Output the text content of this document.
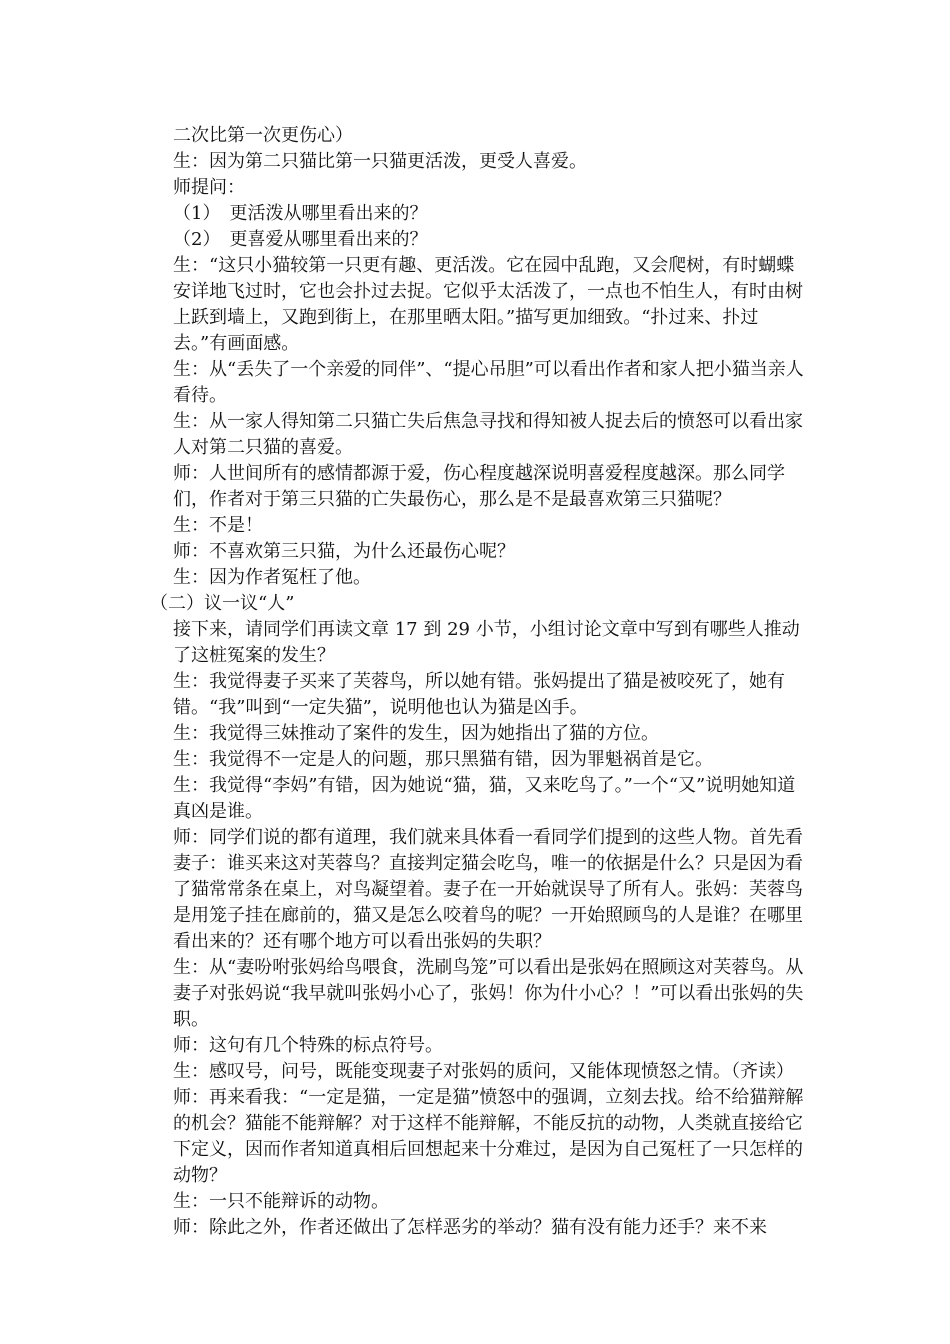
二次比第一次更伤心）

生：因为第二只猫比第一只猫更活泼，更受人喜爱。

师提问：

（1）　更活泼从哪里看出来的？

（2）　更喜爱从哪里看出来的？

生：“这只小猫较第一只更有趣、更活泼。它在园中乱跑，又会爬树，有时蝴蝶安详地飞过时，它也会扑过去捉。它似乎太活泼了，一点也不怕生人，有时由树上跃到墙上，又跑到街上，在那里晒太阳。”描写更加细致。“扑过来、扑过去。”有画面感。

生：从“丢失了一个亲爱的同伴”、“提心吊胆”可以看出作者和家人把小猫当亲人看待。

生：从一家人得知第二只猫亡失后焦急寻找和得知被人捉去后的愤怒可以看出家人对第二只猫的喜爱。

师：人世间所有的感情都源于爱，伤心程度越深说明喜爱程度越深。那么同学们，作者对于第三只猫的亡失最伤心，那么是不是最喜欢第三只猫呢？

生：不是！

师：不喜欢第三只猫，为什么还最伤心呢？

生：因为作者冤枉了他。

（二）议一议“人”

接下来，请同学们再读文章 17 到 29 小节，小组讨论文章中写到有哪些人推动了这桩冤案的发生？

生：我觉得妻子买来了芙蓉鸟，所以她有错。张妈提出了猫是被咬死了，她有错。“我”叫到“一定失猫”，说明他也认为猫是凶手。

生：我觉得三妹推动了案件的发生，因为她指出了猫的方位。

生：我觉得不一定是人的问题，那只黑猫有错，因为罪魁祸首是它。

生：我觉得“李妈”有错，因为她说“猫，猫，又来吃鸟了。”一个“又”说明她知道真凶是谁。

师：同学们说的都有道理，我们就来具体看一看同学们提到的这些人物。首先看妻子：谁买来这对芙蓉鸟？直接判定猫会吃鸟，唯一的依据是什么？只是因为看了猫常常条在桌上，对鸟凝望着。妻子在一开始就误导了所有人。张妈：芙蓉鸟是用笼子挂在廊前的，猫又是怎么咬着鸟的呢？一开始照顾鸟的人是谁？在哪里看出来的？还有哪个地方可以看出张妈的失职？

生：从“妻吩咐张妈给鸟喂食，洗刷鸟笼”可以看出是张妈在照顾这对芙蓉鸟。从妻子对张妈说“我早就叫张妈小心了，张妈！你为什小心？！”可以看出张妈的失职。

师：这句有几个特殊的标点符号。

生：感叹号，问号，既能变现妻子对张妈的质问，又能体现愤怒之情。（齐读）

师：再来看我：“一定是猫，一定是猫”愤怒中的强调，立刻去找。给不给猫辩解的机会？猫能不能辩解？对于这样不能辩解，不能反抗的动物，人类就直接给它下定义，因而作者知道真相后回想起来十分难过，是因为自己冤枉了一只怎样的动物？

生：一只不能辩诉的动物。

师：除此之外，作者还做出了怎样恶劣的举动？猫有没有能力还手？来不来
